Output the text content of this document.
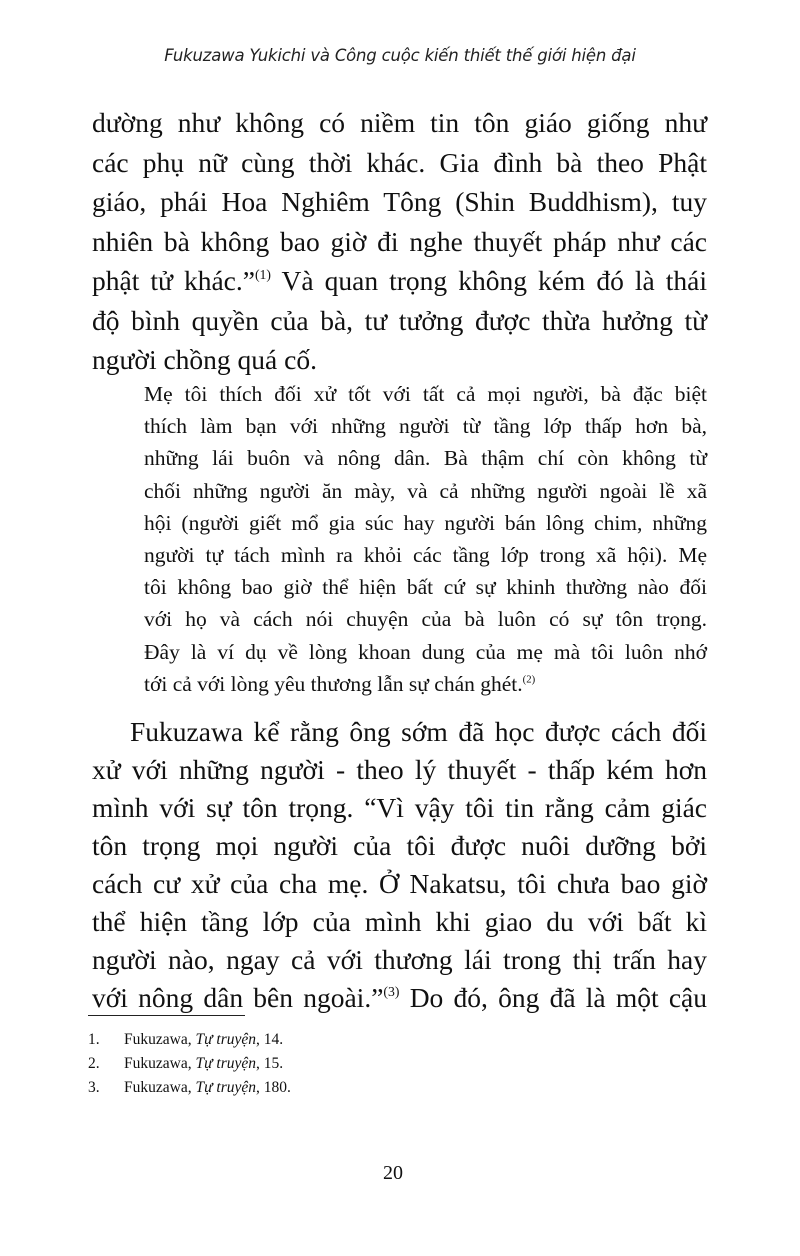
Fukuzawa Yukichi và Công cuộc kiến thiết thế giới hiện đại
dường như không có niềm tin tôn giáo giống như
các phụ nữ cùng thời khác. Gia đình bà theo Phật
giáo, phái Hoa Nghiêm Tông (Shin Buddhism), tuy
nhiên bà không bao giờ đi nghe thuyết pháp như các
phật tử khác.”$^{(1)}$ Và quan trọng không kém đó là thái
độ bình quyền của bà, tư tưởng được thừa hưởng từ
người chồng quá cố.
Mẹ tôi thích đối xử tốt với tất cả mọi người, bà đặc biệt
thích làm bạn với những người từ tầng lớp thấp hơn bà,
những lái buôn và nông dân. Bà thậm chí còn không từ
chối những người ăn mày, và cả những người ngoài lề xã
hội (người giết mổ gia súc hay người bán lông chim, những
người tự tách mình ra khỏi các tầng lớp trong xã hội). Mẹ
tôi không bao giờ thể hiện bất cứ sự khinh thường nào đối
với họ và cách nói chuyện của bà luôn có sự tôn trọng.
Đây là ví dụ về lòng khoan dung của mẹ mà tôi luôn nhớ
tới cả với lòng yêu thương lẫn sự chán ghét.$^{(2)}$
Fukuzawa kể rằng ông sớm đã học được cách đối
xử với những người - theo lý thuyết - thấp kém hơn
mình với sự tôn trọng. “Vì vậy tôi tin rằng cảm giác
tôn trọng mọi người của tôi được nuôi dưỡng bởi
cách cư xử của cha mẹ. Ở Nakatsu, tôi chưa bao giờ
thể hiện tầng lớp của mình khi giao du với bất kì
người nào, ngay cả với thương lái trong thị trấn hay
với nông dân bên ngoài.”$^{(3)}$ Do đó, ông đã là một cậu
1. Fukuzawa, Tự truyện, 14.
2. Fukuzawa, Tự truyện, 15.
3. Fukuzawa, Tự truyện, 180.
20
